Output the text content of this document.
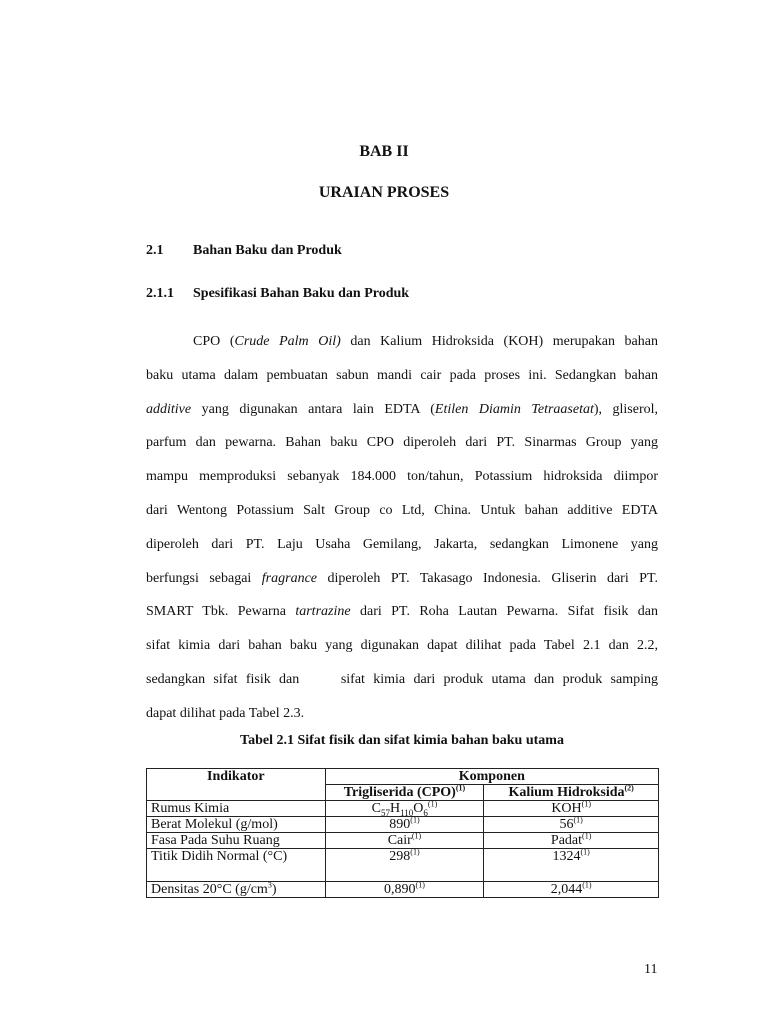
BAB II
URAIAN PROSES
2.1 Bahan Baku dan Produk
2.1.1 Spesifikasi Bahan Baku dan Produk

CPO (Crude Palm Oil) dan Kalium Hidroksida (KOH) merupakan bahan
baku utama dalam pembuatan sabun mandi cair pada proses ini. Sedangkan bahan
additive yang digunakan antara lain EDTA (Etilen Diamin Tetraasetat), gliserol,
parfum dan pewarna. Bahan baku CPO diperoleh dari PT. Sinarmas Group yang
mampu memproduksi sebanyak 184.000 ton/tahun, Potassium hidroksida diimpor
dari Wentong Potassium Salt Group co Ltd, China. Untuk bahan additive EDTA
diperoleh dari PT. Laju Usaha Gemilang, Jakarta, sedangkan Limonene yang
berfungsi sebagai fragrance diperoleh PT. Takasago Indonesia. Gliserin dari PT.
SMART Tbk. Pewarna tartrazine dari PT. Roha Lautan Pewarna. Sifat fisik dan
sifat kimia dari bahan baku yang digunakan dapat dilihat pada Tabel 2.1 dan 2.2,
sedangkan sifat fisik dan     sifat kimia dari produk utama dan produk samping
dapat dilihat pada Tabel 2.3.

Tabel 2.1 Sifat fisik dan sifat kimia bahan baku utama
Indikator	Komponen	
	Trigliserida (CPO)$^{(1)}$	Kalium Hidroksida$^{(2)}$
Rumus Kimia	$C_{57}H_{110}O_6^{(1)}$	KOH$^{(1)}$
Berat Molekul (g/mol)	890$^{(1)}$	56$^{(1)}$
Fasa Pada Suhu Ruang	Cair$^{(1)}$	Padat$^{(1)}$
Titik Didih Normal (°C)	298$^{(1)}$	1324$^{(1)}$
Densitas 20°C $(g/cm^3)$	0,890$^{(1)}$	2,044$^{(1)}$
11
